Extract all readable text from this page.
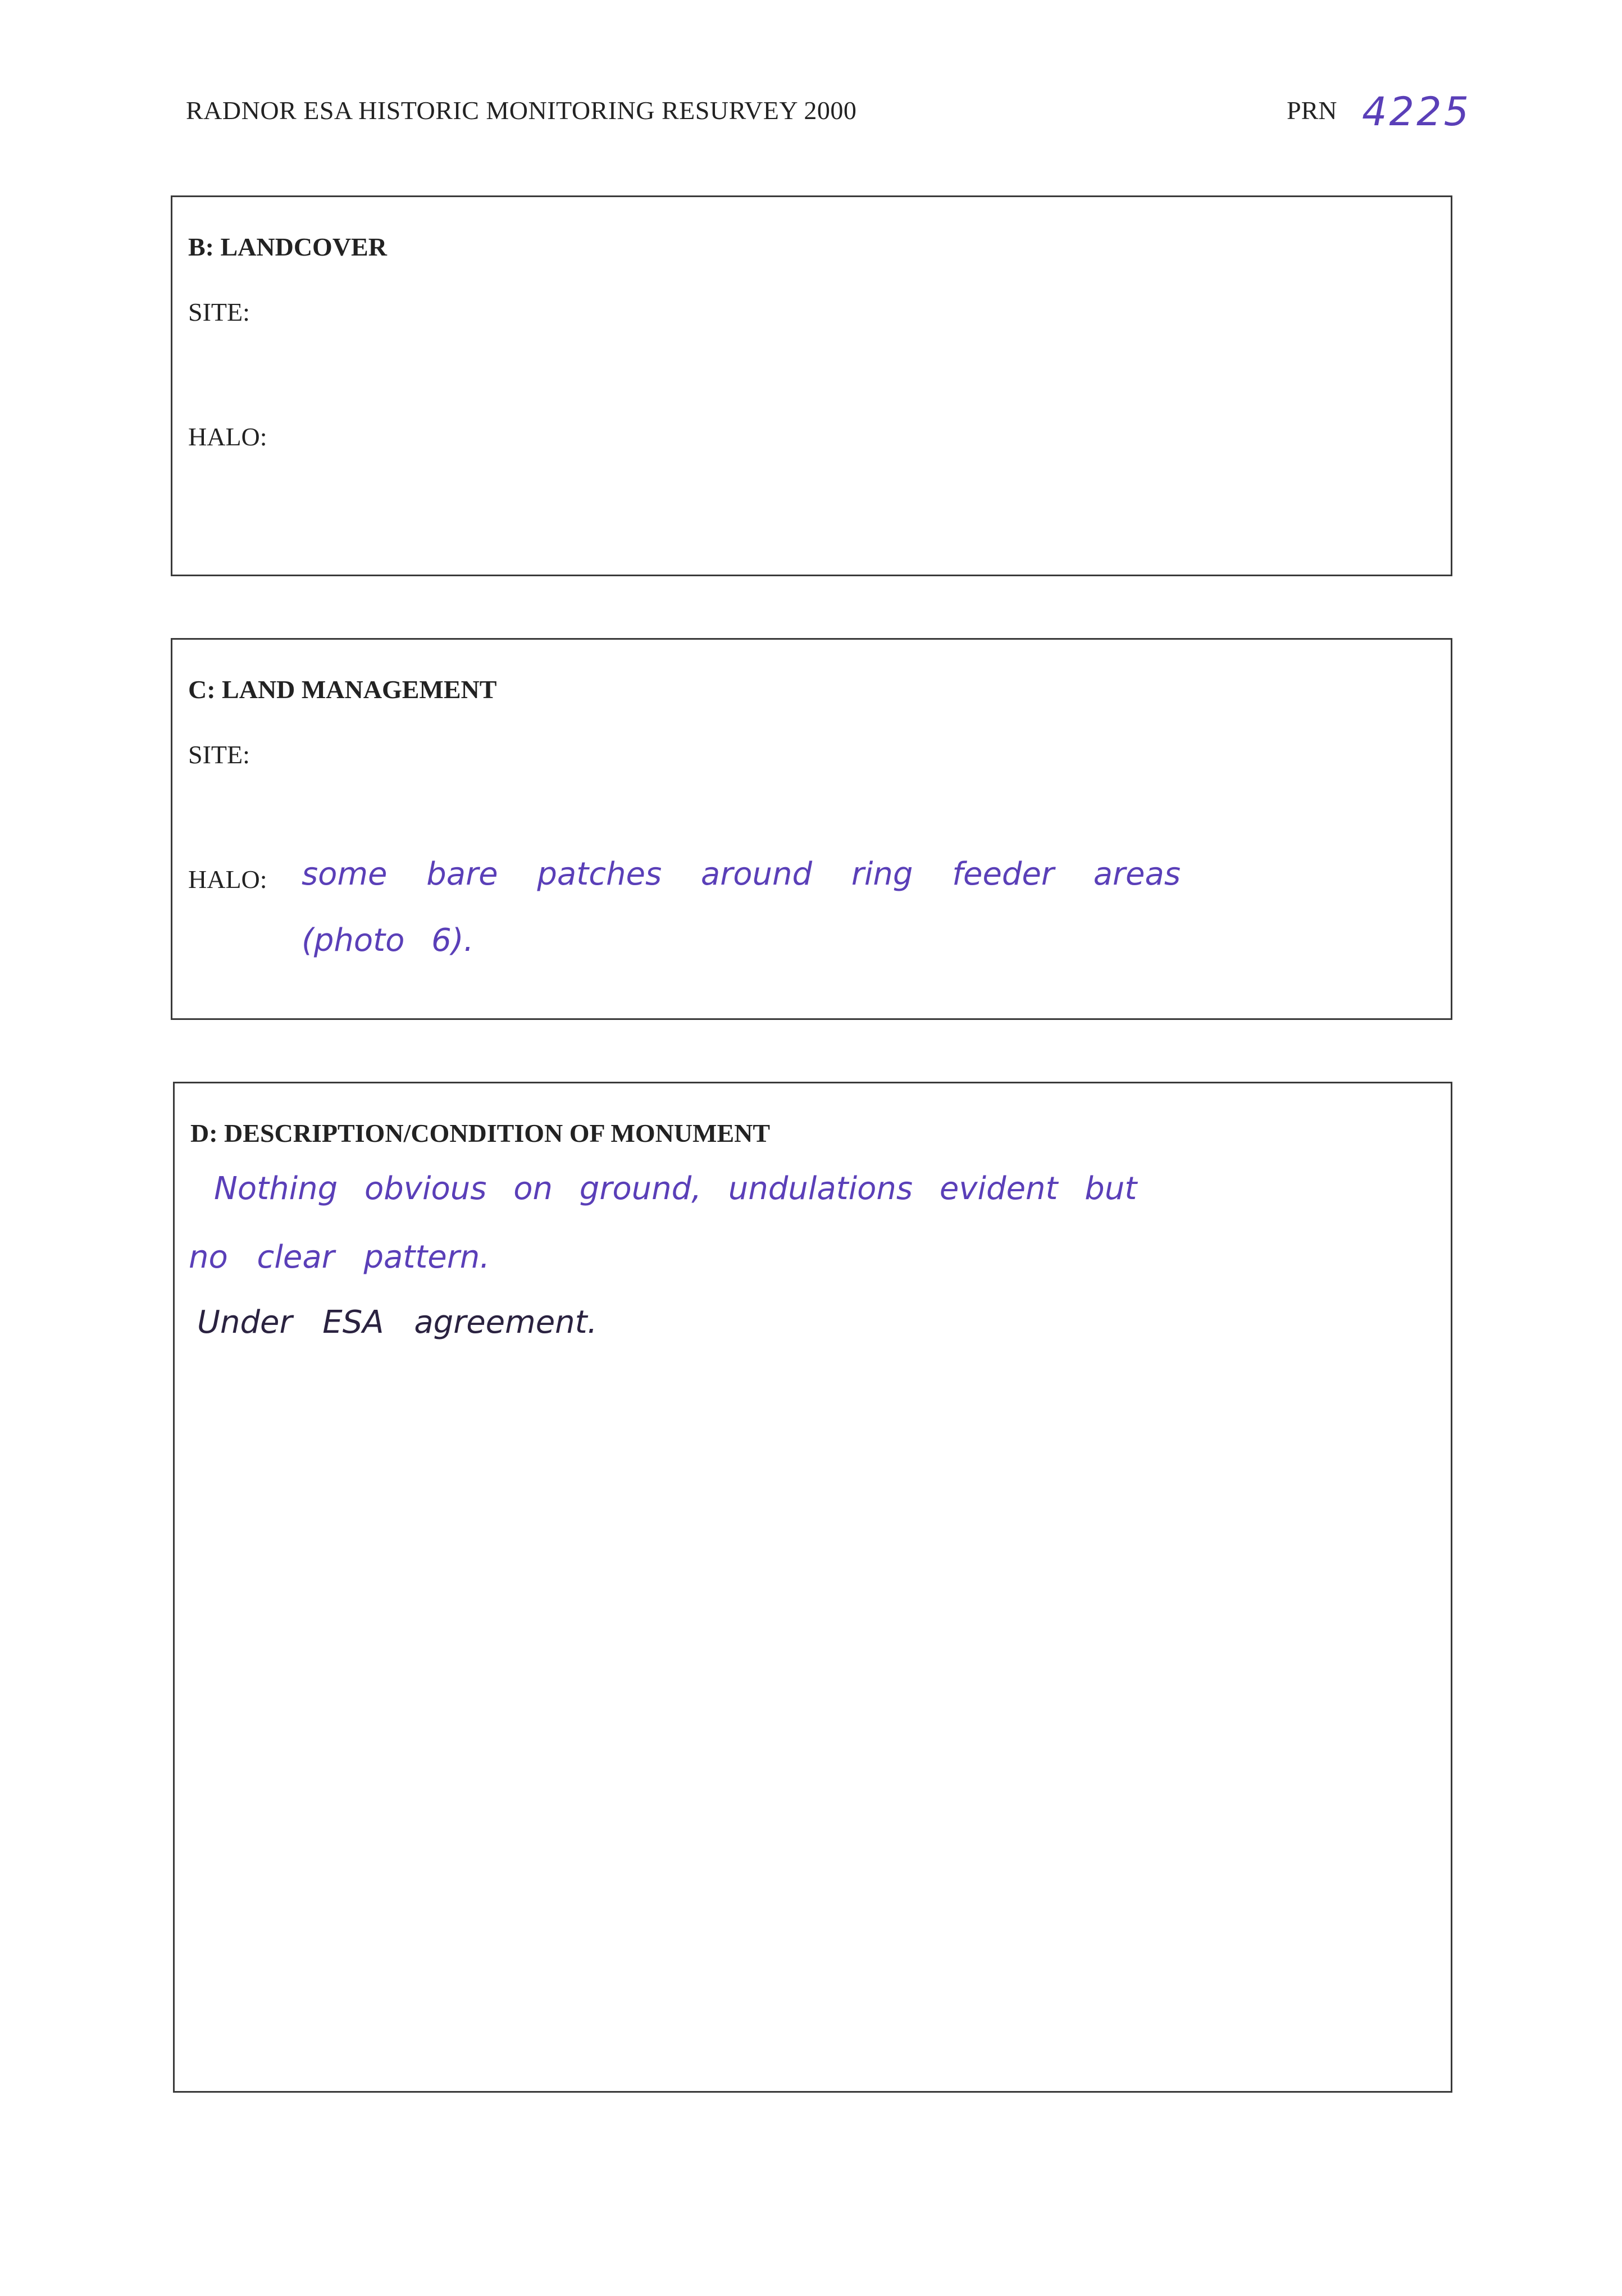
RADNOR ESA HISTORIC MONITORING RESURVEY 2000	PRN 4225
B: LANDCOVER
SITE:
HALO:
C: LAND MANAGEMENT
SITE:
HALO: some bare patches around ring feeder areas
(photo 6).
D: DESCRIPTION/CONDITION OF MONUMENT
Nothing obvious on ground, undulations evident but
no clear pattern.
Under ESA agreement.
